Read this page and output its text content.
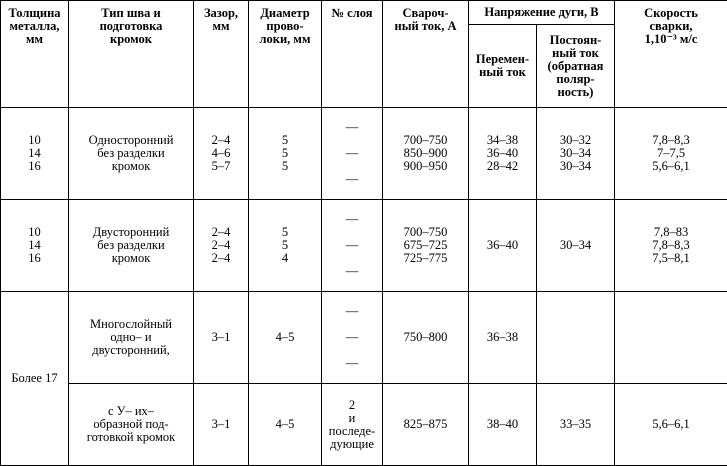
Толщина
металла,
мм	Тип шва и
подготовка
кромок	Зазор,
мм	Диаметр
прово-
локи, мм	№ слоя	Свароч-
ный ток, А	Напряжение дуги, В		Скорость
сварки,
1,10⁻³ м/с
						Перемен-
ный ток	Постоян-
ный ток
(обратная
поляр-
ность)	
10
14
16	Односторонний
без разделки
кромок	2–4
4–6
5–7	5
5
5	—

—

—	700–750
850–900
900–950	34–38
36–40
28–42	30–32
30–34
30–34	7,8–8,3
7–7,5
5,6–6,1
10
14
16	Двусторонний
без разделки
кромок	2–4
2–4
2–4	5
5
4	—

—

—	700–750
675–725
725–775	36–40	30–34	7,8–83
7,8–8,3
7,5–8,1
Более 17	Многослойный
одно– и
двусторонний,	3–1	4–5	—

—

—	750–800	36–38		
	с У– их–
образной под-
готовкой кромок	3–1	4–5	2
и последе-
дующие	825–875	38–40	33–35	5,6–6,1
